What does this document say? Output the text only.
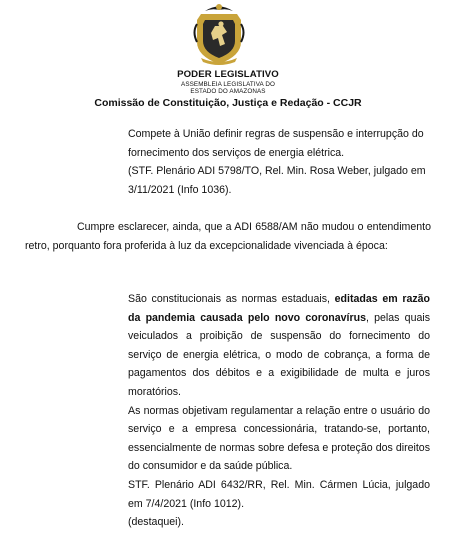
PODER LEGISLATIVO
ASSEMBLEIA LEGISLATIVA DO
ESTADO DO AMAZONAS
Comissão de Constituição, Justiça e Redação - CCJR

Compete à União definir regras de suspensão e interrupção do fornecimento dos serviços de energia elétrica.

(STF. Plenário ADI 5798/TO, Rel. Min. Rosa Weber, julgado em 3/11/2021 (Info 1036).

Cumpre esclarecer, ainda, que a ADI 6588/AM não mudou o entendimento retro, porquanto fora proferida à luz da excepcionalidade vivenciada à época:

São constitucionais as normas estaduais, editadas em razão da pandemia causada pelo novo coronavírus, pelas quais veiculados a proibição de suspensão do fornecimento do serviço de energia elétrica, o modo de cobrança, a forma de pagamentos dos débitos e a exigibilidade de multa e juros moratórios.

As normas objetivam regulamentar a relação entre o usuário do serviço e a empresa concessionária, tratando-se, portanto, essencialmente de normas sobre defesa e proteção dos direitos do consumidor e da saúde pública.

STF. Plenário ADI 6432/RR, Rel. Min. Cármen Lúcia, julgado em 7/4/2021 (Info 1012).

(destaquei).
